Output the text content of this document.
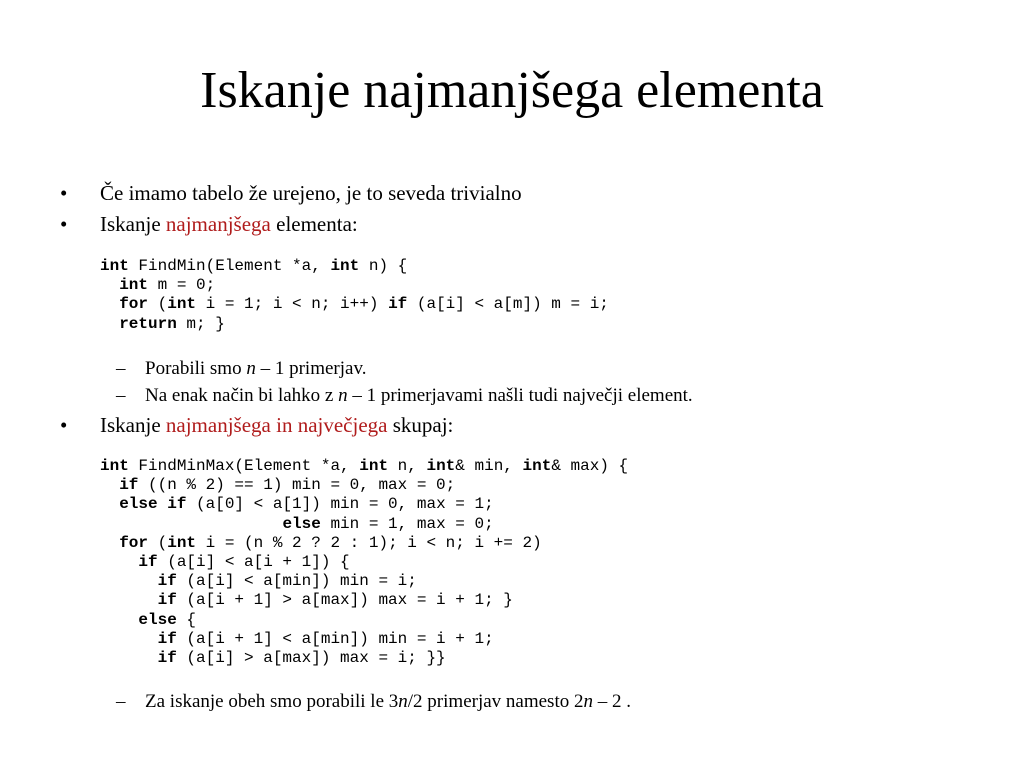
Iskanje najmanjšega elementa
• Če imamo tabelo že urejeno, je to seveda trivialno
• Iskanje najmanjšega elementa:
int FindMin(Element *a, int n) {
int m = 0;
for (int i = 1; i < n; i++) if (a[i] < a[m]) m = i;
return m; }
– Porabili smo n – 1 primerjav.
– Na enak način bi lahko z n – 1 primerjavami našli tudi največji element.
• Iskanje najmanjšega in največjega skupaj:
int FindMinMax(Element *a, int n, int& min, int& max) {
if ((n % 2) == 1) min = 0, max = 0;
else if (a[0] < a[1]) min = 0, max = 1;
else min = 1, max = 0;
for (int i = (n % 2 ? 2 : 1); i < n; i += 2)
if (a[i] < a[i + 1]) {
if (a[i] < a[min]) min = i;
if (a[i + 1] > a[max]) max = i + 1; }
else {
if (a[i + 1] < a[min]) min = i + 1;
if (a[i] > a[max]) max = i; }}
– Za iskanje obeh smo porabili le 3n/2 primerjav namesto 2n – 2 .
